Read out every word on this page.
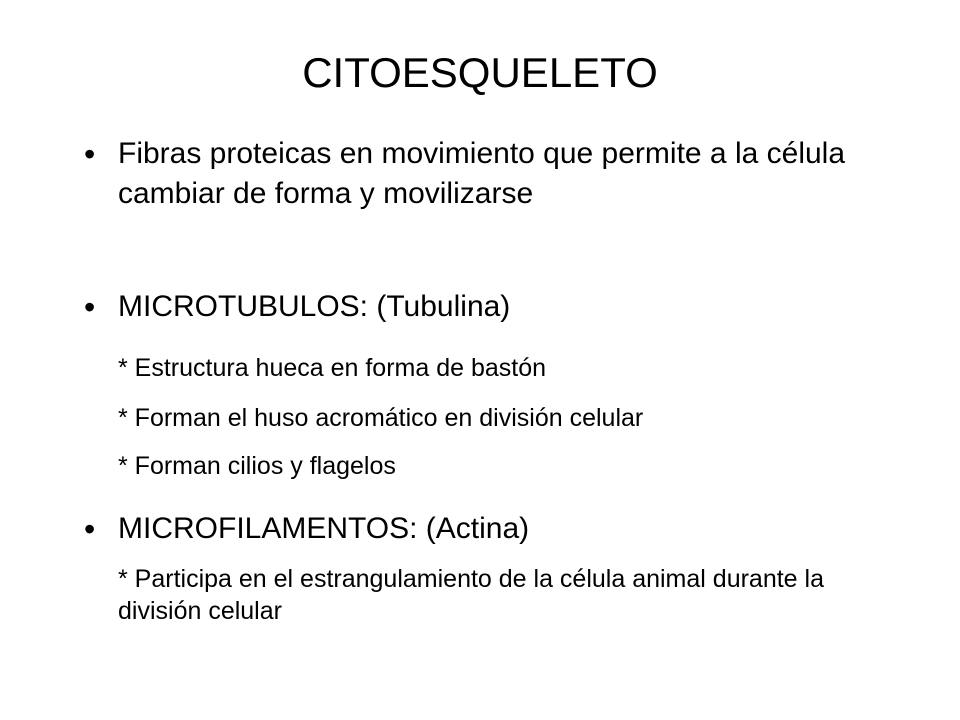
CITOESQUELETO
• Fibras proteicas en movimiento que permite a la célula cambiar de forma y movilizarse
• MICROTUBULOS: (Tubulina)
* Estructura hueca en forma de bastón
* Forman el huso acromático en división celular
* Forman cilios y flagelos
• MICROFILAMENTOS: (Actina)
* Participa en el estrangulamiento de la célula animal durante la división celular
